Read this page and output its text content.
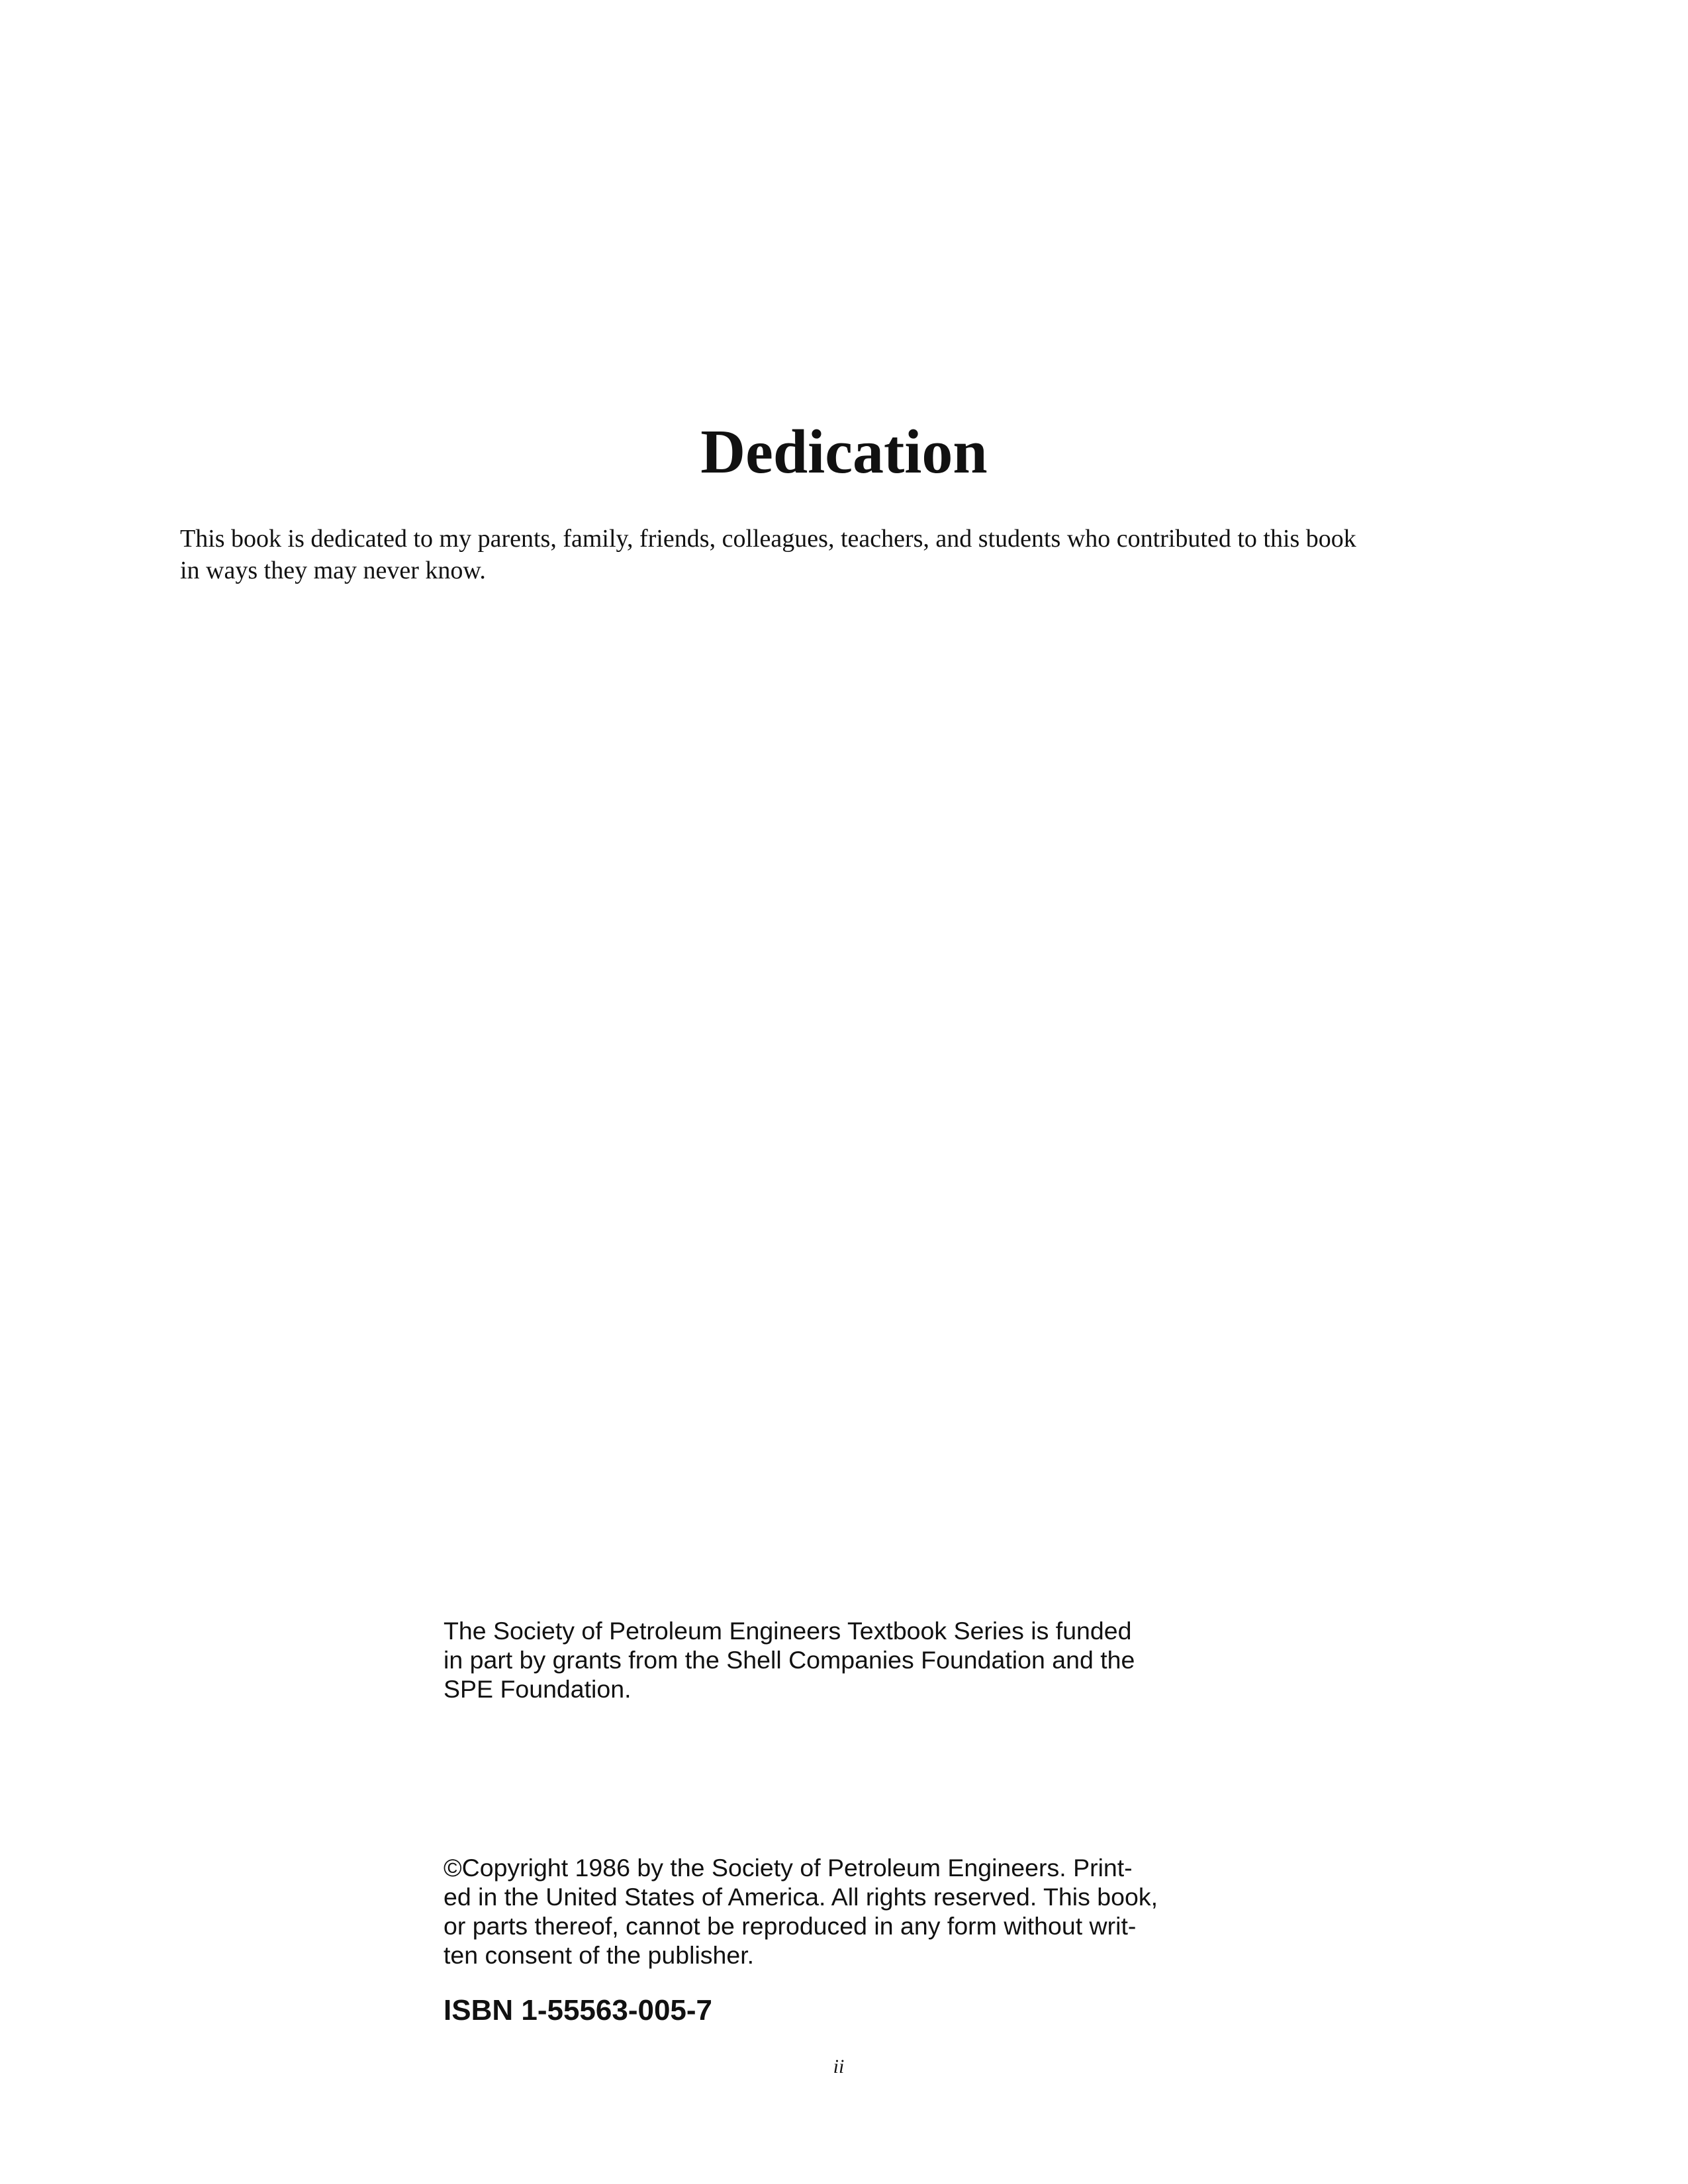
Dedication

This book is dedicated to my parents, family, friends, colleagues, teachers, and students who contributed to this book
in ways they may never know.

The Society of Petroleum Engineers Textbook Series is funded
in part by grants from the Shell Companies Foundation and the
SPE Foundation.

©Copyright 1986 by the Society of Petroleum Engineers. Print-
ed in the United States of America. All rights reserved. This book,
or parts thereof, cannot be reproduced in any form without writ-
ten consent of the publisher.

ISBN 1-55563-005-7

ii
